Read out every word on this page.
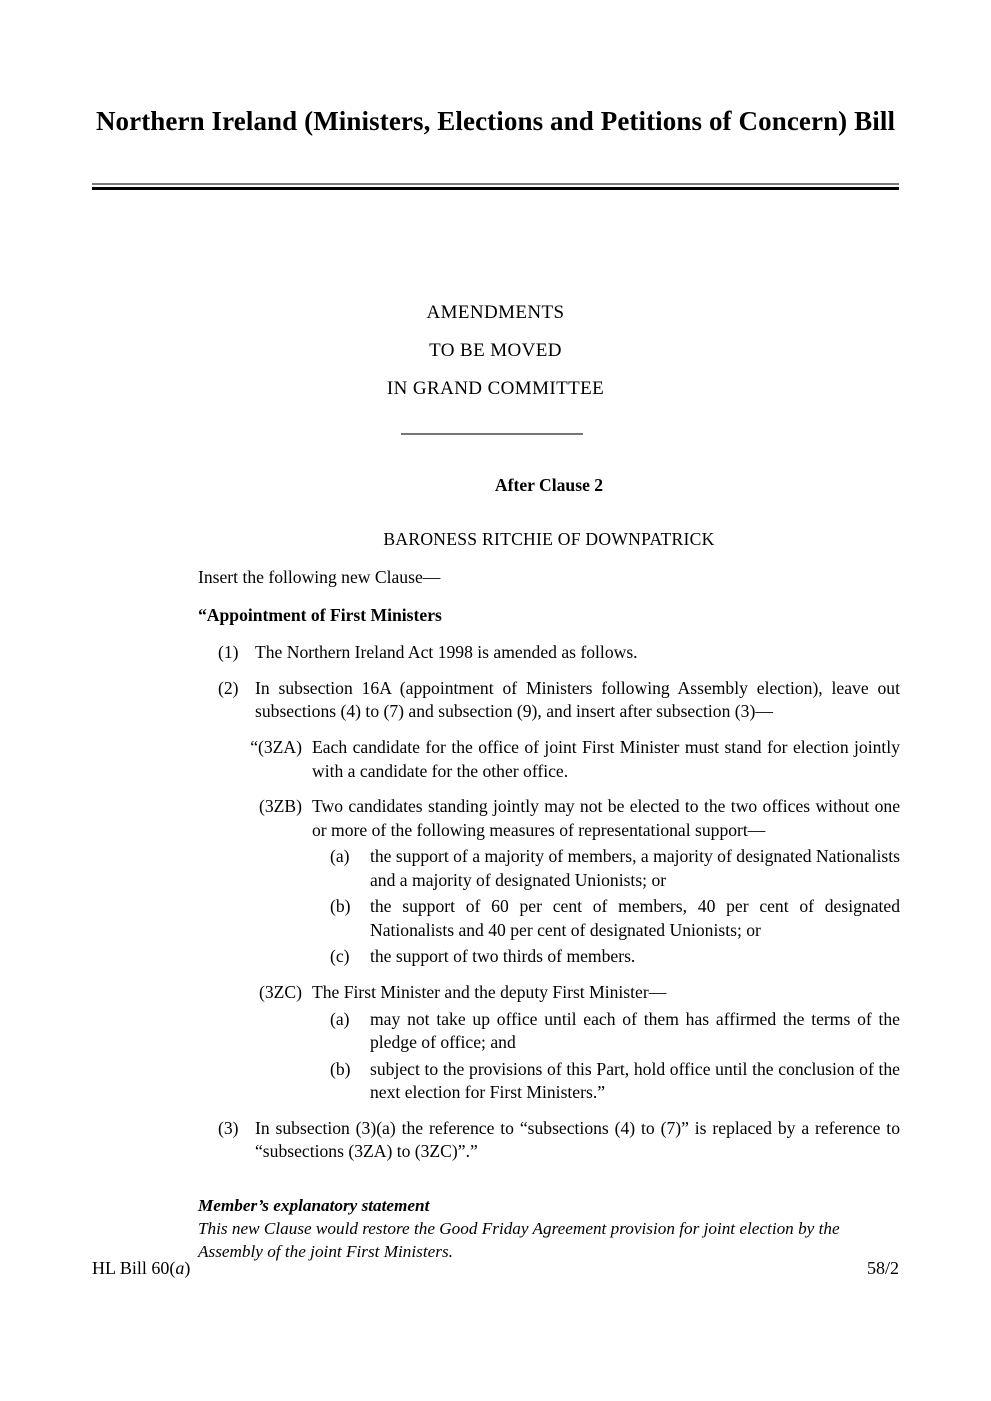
Northern Ireland (Ministers, Elections and Petitions of Concern) Bill
AMENDMENTS
TO BE MOVED
IN GRAND COMMITTEE
After Clause 2
BARONESS RITCHIE OF DOWNPATRICK
Insert the following new Clause—
“Appointment of First Ministers
(1) The Northern Ireland Act 1998 is amended as follows.
(2) In subsection 16A (appointment of Ministers following Assembly election), leave out subsections (4) to (7) and subsection (9), and insert after subsection (3)—
“(3ZA) Each candidate for the office of joint First Minister must stand for election jointly with a candidate for the other office.
(3ZB) Two candidates standing jointly may not be elected to the two offices without one or more of the following measures of representational support—
(a)	the support of a majority of members, a majority of designated Nationalists and a majority of designated Unionists; or
(b)	the support of 60 per cent of members, 40 per cent of designated Nationalists and 40 per cent of designated Unionists; or
(c)	the support of two thirds of members.
(3ZC) The First Minister and the deputy First Minister—
(a)	may not take up office until each of them has affirmed the terms of the pledge of office; and
(b)	subject to the provisions of this Part, hold office until the conclusion of the next election for First Ministers.”
(3) In subsection (3)(a) the reference to “subsections (4) to (7)” is replaced by a reference to “subsections (3ZA) to (3ZC)”.”
Member’s explanatory statement
This new Clause would restore the Good Friday Agreement provision for joint election by the Assembly of the joint First Ministers.
HL Bill 60(a)	58/2
